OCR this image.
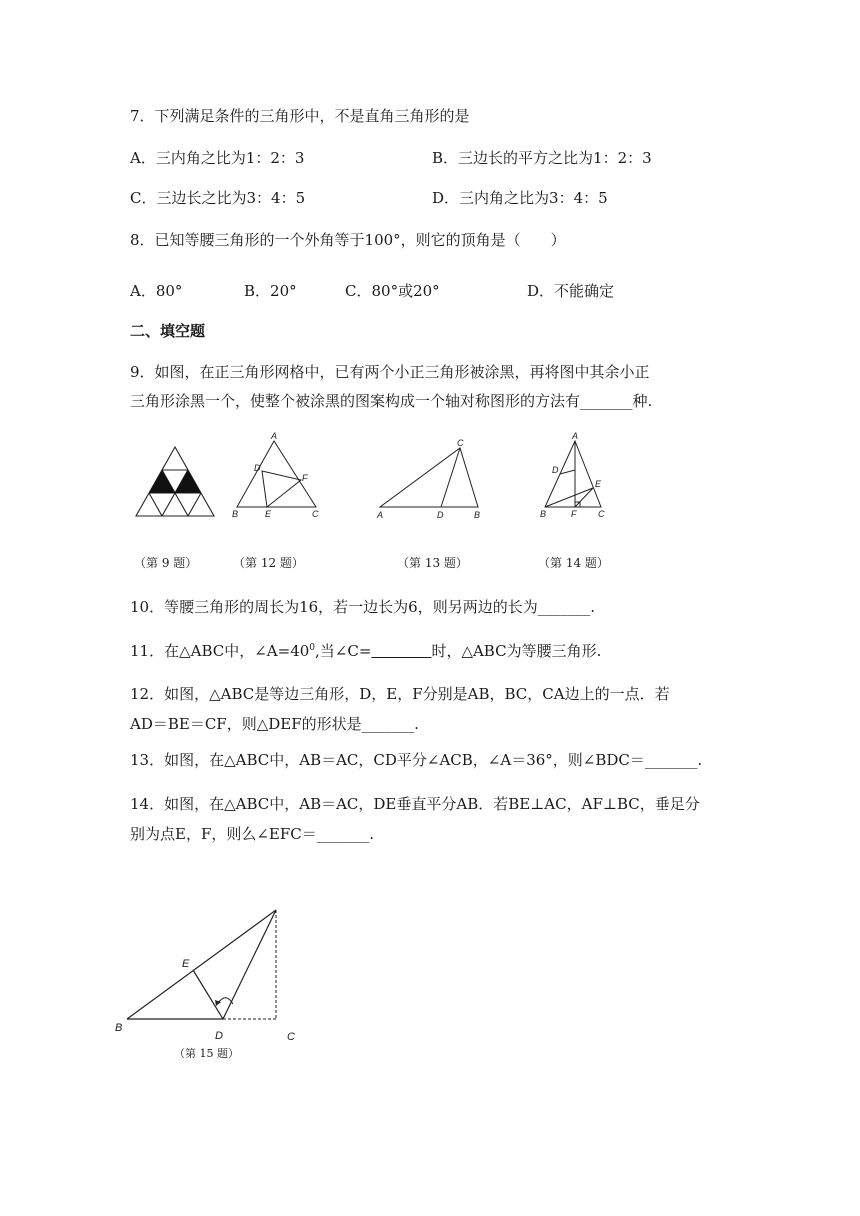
7．下列满足条件的三角形中，不是直角三角形的是
A．三内角之比为1：2：3	B．三边长的平方之比为1：2：3
C．三边长之比为3：4：5	D．三内角之比为3：4：5
8．已知等腰三角形的一个外角等于100°，则它的顶角是（　　）
A．80°	B．20°	C．80°或20°	D．不能确定
二、填空题
9．如图，在正三角形网格中，已有两个小正三角形被涂黑，再将图中其余小正
三角形涂黑一个，使整个被涂黑的图案构成一个轴对称图形的方法有_______种.
A
B	C
D
E
F
A	B
C
D
A
B	C
D
E
F
（第 9 题）	（第 12 题）	（第 13 题）	（第 14 题）
10．等腰三角形的周长为16，若一边长为6，则另两边的长为_______.
11．在△ABC中，$\angle A=40^0$,当∠C=　　　　	时，△ABC为等腰三角形.
12．如图，△ABC是等边三角形，D，E，F分别是AB，BC，CA边上的一点．若
AD＝BE＝CF，则△DEF的形状是_______.
13．如图，在△ABC中，AB＝AC，CD平分∠ACB，∠A＝36°，则∠BDC＝_______.
14．如图，在△ABC中，AB＝AC，DE垂直平分AB．若BE⊥AC，AF⊥BC，垂足分
别为点E，F，则么∠EFC＝_______.
B
C
D
E
（第 15 题）
